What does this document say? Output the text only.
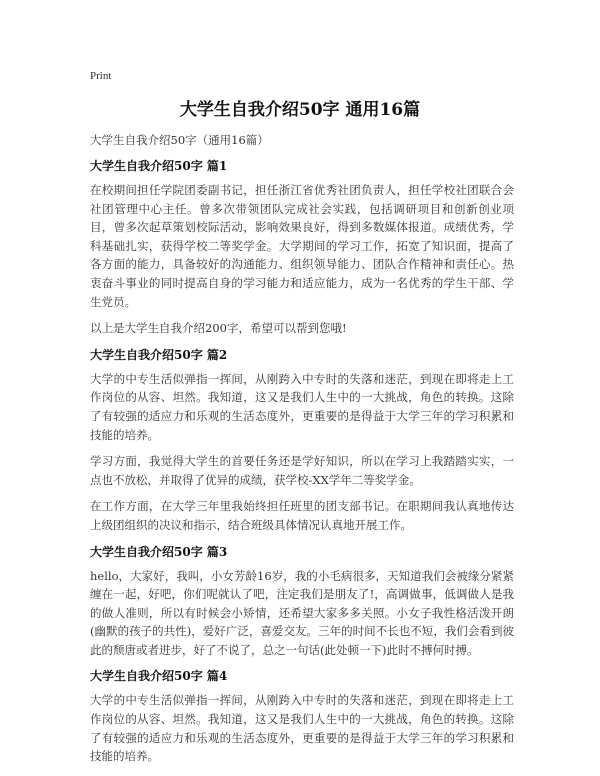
Print
大学生自我介绍50字 通用16篇

大学生自我介绍50字（通用16篇）

大学生自我介绍50字 篇1

在校期间担任学院团委副书记，担任浙江省优秀社团负责人，担任学校社团联合会社团管理中心主任。曾多次带领团队完成社会实践，包括调研项目和创新创业项目，曾多次起草策划校际活动，影响效果良好，得到多数媒体报道。成绩优秀，学科基础扎实，获得学校二等奖学金。大学期间的学习工作，拓宽了知识面，提高了各方面的能力，具备较好的沟通能力、组织领导能力、团队合作精神和责任心。热衷奋斗事业的同时提高自身的学习能力和适应能力，成为一名优秀的学生干部、学生党员。

以上是大学生自我介绍200字，希望可以帮到您哦!

大学生自我介绍50字 篇2

大学的中专生活似弹指一挥间，从刚跨入中专时的失落和迷茫，到现在即将走上工作岗位的从容、坦然。我知道，这又是我们人生中的一大挑战，角色的转换。这除了有较强的适应力和乐观的生活态度外，更重要的是得益于大学三年的学习积累和技能的培养。

学习方面，我觉得大学生的首要任务还是学好知识，所以在学习上我踏踏实实，一点也不放松，并取得了优异的成绩，获学校-XX学年二等奖学金。

在工作方面，在大学三年里我始终担任班里的团支部书记。在职期间我认真地传达上级团组织的决议和指示，结合班级具体情况认真地开展工作。

大学生自我介绍50字 篇3

hello，大家好，我叫，小女芳龄16岁，我的小毛病很多，天知道我们会被缘分紧紧缠在一起，好吧，你们呢就认了吧，注定我们是朋友了!，高调做事，低调做人是我的做人准则，所以有时候会小矫情，还希望大家多多关照。小女子我性格活泼开朗(幽默的孩子的共性)，爱好广泛，喜爱交友。三年的时间不长也不短，我们会看到彼此的颓唐或者进步，好了不说了，总之一句话(此处顿一下)此时不搏何时搏。

大学生自我介绍50字 篇4

大学的中专生活似弹指一挥间，从刚跨入中专时的失落和迷茫，到现在即将走上工作岗位的从容、坦然。我知道，这又是我们人生中的一大挑战，角色的转换。这除了有较强的适应力和乐观的生活态度外，更重要的是得益于大学三年的学习积累和技能的培养。
